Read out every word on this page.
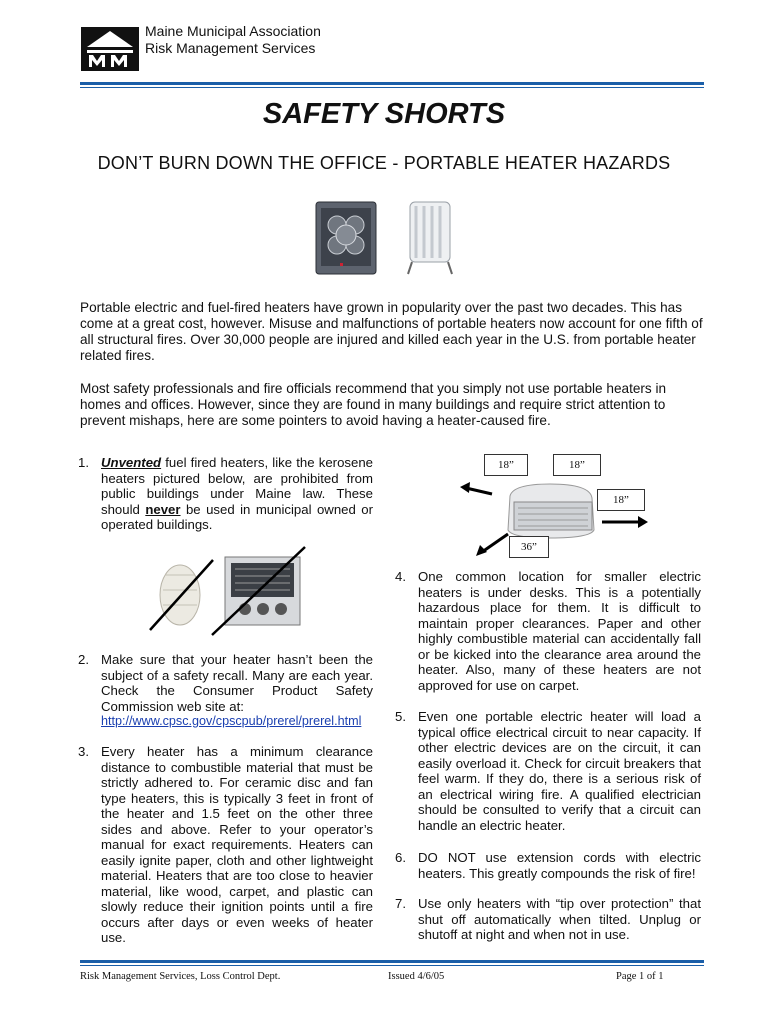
Maine Municipal Association
Risk Management Services
SAFETY SHORTS
DON’T BURN DOWN THE OFFICE - PORTABLE HEATER HAZARDS
Portable electric and fuel-fired heaters have grown in popularity over the past two decades. This has come at a great cost, however. Misuse and malfunctions of portable heaters now account for one fifth of all structural fires. Over 30,000 people are injured and killed each year in the U.S. from portable heater related fires.
Most safety professionals and fire officials recommend that you simply not use portable heaters in homes and offices. However, since they are found in many buildings and require strict attention to prevent mishaps, here are some pointers to avoid having a heater-caused fire.
1. Unvented fuel fired heaters, like the kerosene heaters pictured below, are prohibited from public buildings under Maine law. These should never be used in municipal owned or operated buildings.
2. Make sure that your heater hasn’t been the subject of a safety recall. Many are each year. Check the Consumer Product Safety Commission web site at:
http://www.cpsc.gov/cpscpub/prerel/prerel.html
3. Every heater has a minimum clearance distance to combustible material that must be strictly adhered to. For ceramic disc and fan type heaters, this is typically 3 feet in front of the heater and 1.5 feet on the other three sides and above. Refer to your operator’s manual for exact requirements. Heaters can easily ignite paper, cloth and other lightweight material. Heaters that are too close to heavier material, like wood, carpet, and plastic can slowly reduce their ignition points until a fire occurs after days or even weeks of heater use.
18”	18”
18”
36”
4. One common location for smaller electric heaters is under desks. This is a potentially hazardous place for them. It is difficult to maintain proper clearances. Paper and other highly combustible material can accidentally fall or be kicked into the clearance area around the heater. Also, many of these heaters are not approved for use on carpet.
5. Even one portable electric heater will load a typical office electrical circuit to near capacity. If other electric devices are on the circuit, it can easily overload it. Check for circuit breakers that feel warm. If they do, there is a serious risk of an electrical wiring fire. A qualified electrician should be consulted to verify that a circuit can handle an electric heater.
6. DO NOT use extension cords with electric heaters. This greatly compounds the risk of fire!
7. Use only heaters with “tip over protection” that shut off automatically when tilted. Unplug or shutoff at night and when not in use.
Risk Management Services, Loss Control Dept.	Issued 4/6/05	Page 1 of 1
